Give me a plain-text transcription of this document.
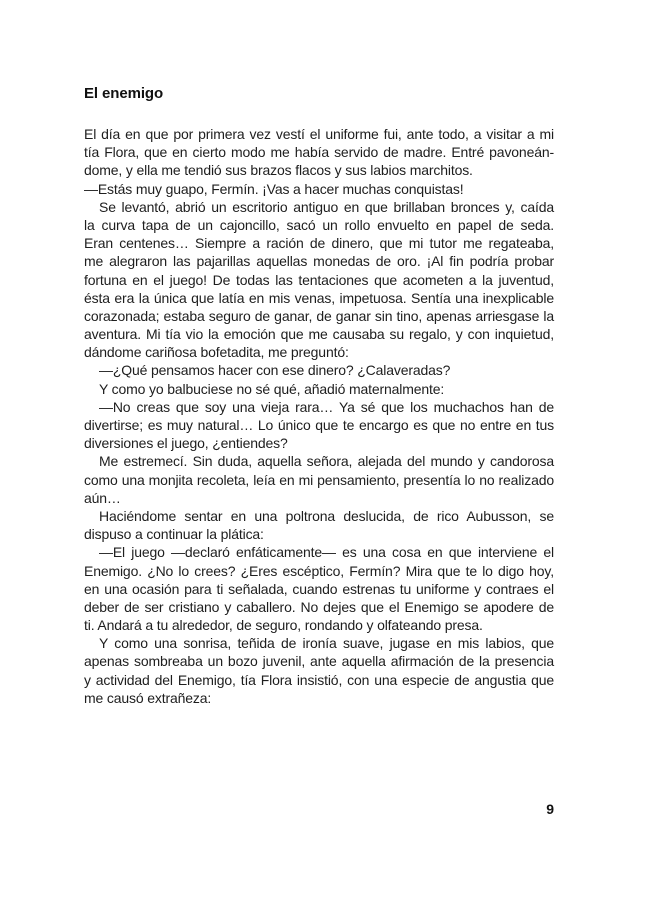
El enemigo
El día en que por primera vez vestí el uniforme fui, ante todo, a visitar a mi
tía Flora, que en cierto modo me había servido de madre. Entré pavoneán-
dome, y ella me tendió sus brazos flacos y sus labios marchitos.
—Estás muy guapo, Fermín. ¡Vas a hacer muchas conquistas!
Se levantó, abrió un escritorio antiguo en que brillaban bronces y, caída
la curva tapa de un cajoncillo, sacó un rollo envuelto en papel de seda.
Eran centenes… Siempre a ración de dinero, que mi tutor me regateaba,
me alegraron las pajarillas aquellas monedas de oro. ¡Al fin podría probar
fortuna en el juego! De todas las tentaciones que acometen a la juventud,
ésta era la única que latía en mis venas, impetuosa. Sentía una inexplicable
corazonada; estaba seguro de ganar, de ganar sin tino, apenas arriesgase la
aventura. Mi tía vio la emoción que me causaba su regalo, y con inquietud,
dándome cariñosa bofetadita, me preguntó:
—¿Qué pensamos hacer con ese dinero? ¿Calaveradas?
Y como yo balbuciese no sé qué, añadió maternalmente:
—No creas que soy una vieja rara… Ya sé que los muchachos han de
divertirse; es muy natural… Lo único que te encargo es que no entre en tus
diversiones el juego, ¿entiendes?
Me estremecí. Sin duda, aquella señora, alejada del mundo y candorosa
como una monjita recoleta, leía en mi pensamiento, presentía lo no realizado
aún…
Haciéndome sentar en una poltrona deslucida, de rico Aubusson, se
dispuso a continuar la plática:
—El juego —declaró enfáticamente— es una cosa en que interviene el
Enemigo. ¿No lo crees? ¿Eres escéptico, Fermín? Mira que te lo digo hoy,
en una ocasión para ti señalada, cuando estrenas tu uniforme y contraes el
deber de ser cristiano y caballero. No dejes que el Enemigo se apodere de
ti. Andará a tu alrededor, de seguro, rondando y olfateando presa.
Y como una sonrisa, teñida de ironía suave, jugase en mis labios, que
apenas sombreaba un bozo juvenil, ante aquella afirmación de la presencia
y actividad del Enemigo, tía Flora insistió, con una especie de angustia que
me causó extrañeza:
9
